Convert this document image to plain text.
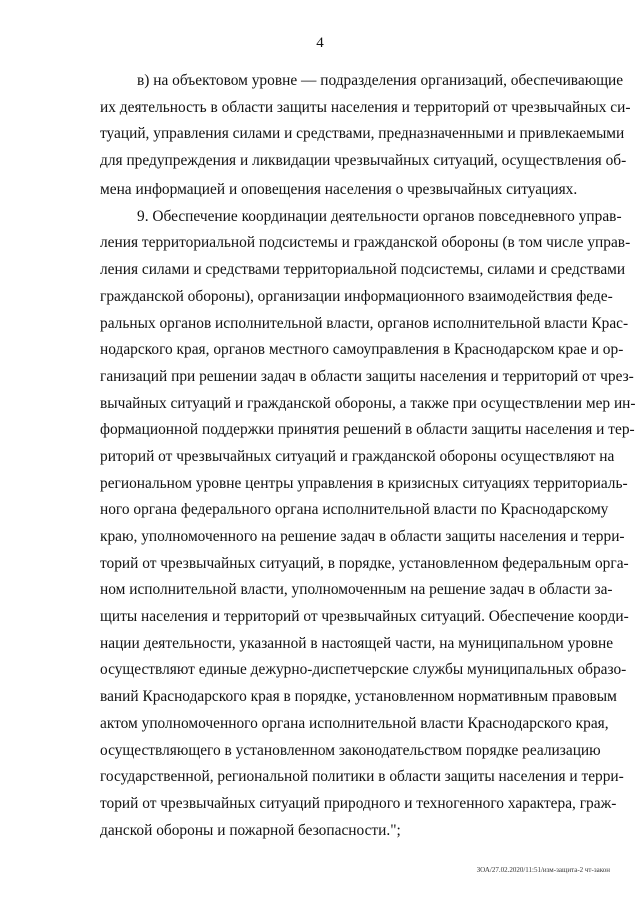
4
в) на объектовом уровне — подразделения организаций, обеспечивающие
их деятельность в области защиты населения и территорий от чрезвычайных си-
туаций, управления силами и средствами, предназначенными и привлекаемыми
для предупреждения и ликвидации чрезвычайных ситуаций, осуществления об-
мена информацией и оповещения населения о чрезвычайных ситуациях.
9. Обеспечение координации деятельности органов повседневного управ-
ления территориальной подсистемы и гражданской обороны (в том числе управ-
ления силами и средствами территориальной подсистемы, силами и средствами
гражданской обороны), организации информационного взаимодействия феде-
ральных органов исполнительной власти, органов исполнительной власти Крас-
нодарского края, органов местного самоуправления в Краснодарском крае и ор-
ганизаций при решении задач в области защиты населения и территорий от чрез-
вычайных ситуаций и гражданской обороны, а также при осуществлении мер ин-
формационной поддержки принятия решений в области защиты населения и тер-
риторий от чрезвычайных ситуаций и гражданской обороны осуществляют на
региональном уровне центры управления в кризисных ситуациях территориаль-
ного органа федерального органа исполнительной власти по Краснодарскому
краю, уполномоченного на решение задач в области защиты населения и терри-
торий от чрезвычайных ситуаций, в порядке, установленном федеральным орга-
ном исполнительной власти, уполномоченным на решение задач в области за-
щиты населения и территорий от чрезвычайных ситуаций. Обеспечение коорди-
нации деятельности, указанной в настоящей части, на муниципальном уровне
осуществляют единые дежурно-диспетчерские службы муниципальных образо-
ваний Краснодарского края в порядке, установленном нормативным правовым
актом уполномоченного органа исполнительной власти Краснодарского края,
осуществляющего в установленном законодательством порядке реализацию
государственной, региональной политики в области защиты населения и терри-
торий от чрезвычайных ситуаций природного и техногенного характера, граж-
данской обороны и пожарной безопасности.";
ЗОА/27.02.2020/11:51/изм-защита-2 чт-закон
